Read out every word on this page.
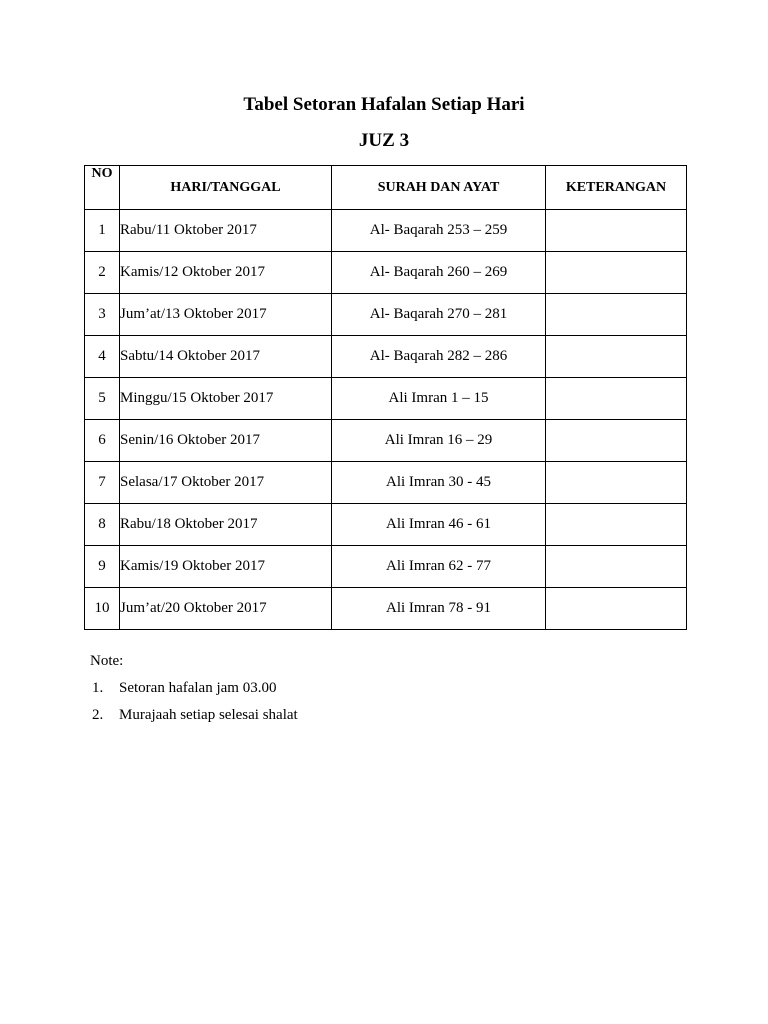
Tabel Setoran Hafalan Setiap Hari
JUZ 3
NO	HARI/TANGGAL	SURAH DAN AYAT	KETERANGAN
1	Rabu/11 Oktober 2017	Al- Baqarah 253 – 259	
2	Kamis/12 Oktober 2017	Al- Baqarah 260 – 269	
3	Jum’at/13 Oktober 2017	Al- Baqarah 270 – 281	
4	Sabtu/14 Oktober 2017	Al- Baqarah 282 – 286	
5	Minggu/15 Oktober 2017	Ali Imran 1 – 15	
6	Senin/16 Oktober 2017	Ali Imran 16 – 29	
7	Selasa/17 Oktober 2017	Ali Imran 30 - 45	
8	Rabu/18 Oktober 2017	Ali Imran 46 - 61	
9	Kamis/19 Oktober 2017	Ali Imran 62 - 77	
10	Jum’at/20 Oktober 2017	Ali Imran 78 - 91	

Note:

1.	Setoran hafalan jam 03.00
2.	Murajaah setiap selesai shalat
